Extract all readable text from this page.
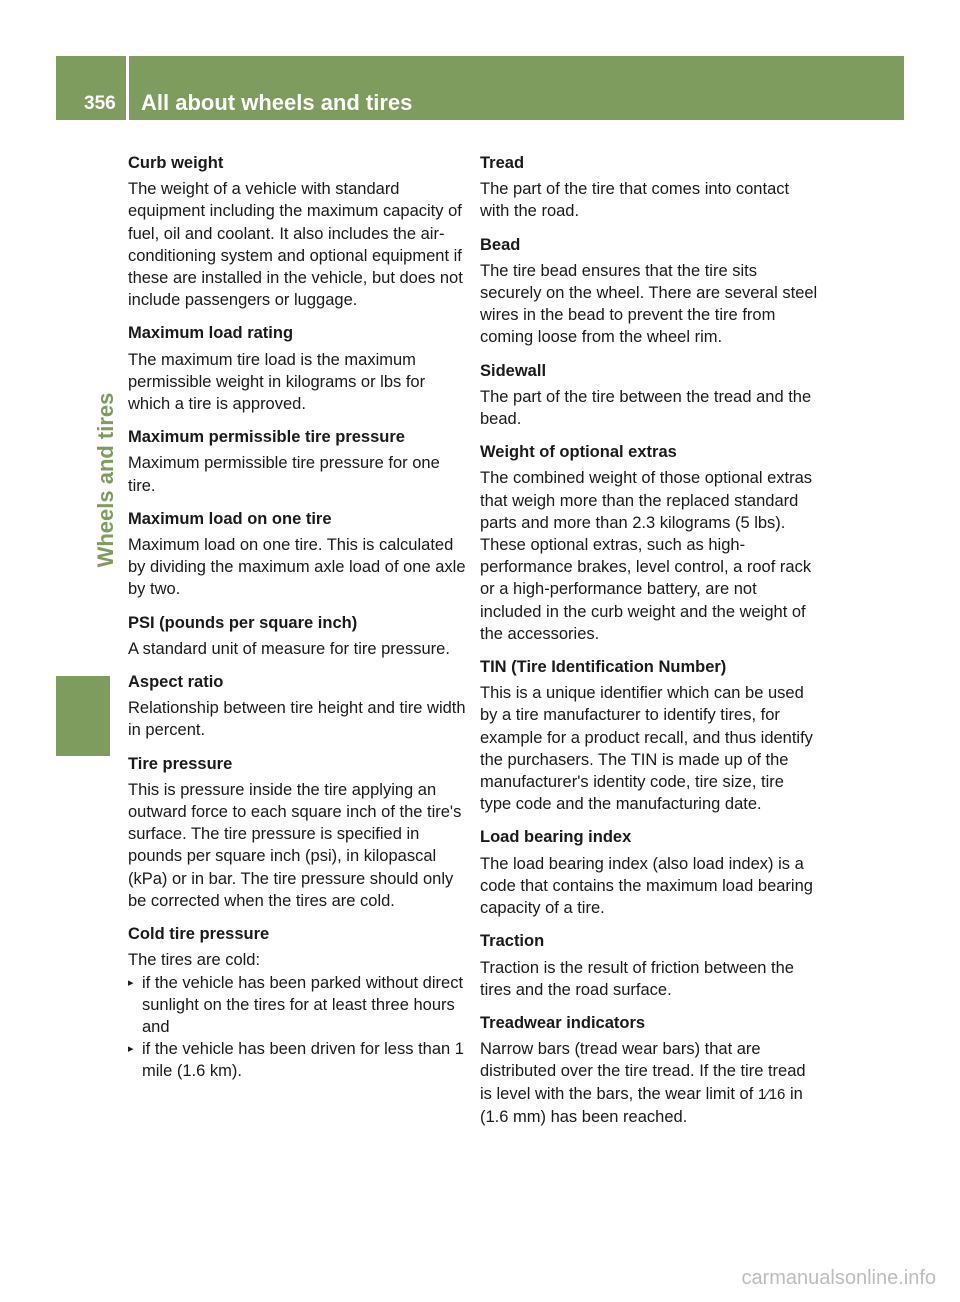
356 All about wheels and tires
Wheels and tires
Curb weight

The weight of a vehicle with standard equipment including the maximum capacity of fuel, oil and coolant. It also includes the air-conditioning system and optional equipment if these are installed in the vehicle, but does not include passengers or luggage.

Maximum load rating

The maximum tire load is the maximum permissible weight in kilograms or lbs for which a tire is approved.

Maximum permissible tire pressure

Maximum permissible tire pressure for one tire.

Maximum load on one tire

Maximum load on one tire. This is calculated by dividing the maximum axle load of one axle by two.

PSI (pounds per square inch)

A standard unit of measure for tire pressure.

Aspect ratio

Relationship between tire height and tire width in percent.

Tire pressure

This is pressure inside the tire applying an outward force to each square inch of the tire's surface. The tire pressure is specified in pounds per square inch (psi), in kilopascal (kPa) or in bar. The tire pressure should only be corrected when the tires are cold.

Cold tire pressure

The tires are cold:

▸ if the vehicle has been parked without direct sunlight on the tires for at least three hours and
▸ if the vehicle has been driven for less than 1 mile (1.6 km).
Tread

The part of the tire that comes into contact with the road.

Bead

The tire bead ensures that the tire sits securely on the wheel. There are several steel wires in the bead to prevent the tire from coming loose from the wheel rim.

Sidewall

The part of the tire between the tread and the bead.

Weight of optional extras

The combined weight of those optional extras that weigh more than the replaced standard parts and more than 2.3 kilograms (5 lbs). These optional extras, such as high-performance brakes, level control, a roof rack or a high-performance battery, are not included in the curb weight and the weight of the accessories.

TIN (Tire Identification Number)

This is a unique identifier which can be used by a tire manufacturer to identify tires, for example for a product recall, and thus identify the purchasers. The TIN is made up of the manufacturer's identity code, tire size, tire type code and the manufacturing date.

Load bearing index

The load bearing index (also load index) is a code that contains the maximum load bearing capacity of a tire.

Traction

Traction is the result of friction between the tires and the road surface.

Treadwear indicators

Narrow bars (tread wear bars) that are distributed over the tire tread. If the tire tread is level with the bars, the wear limit of 1⁄16 in (1.6 mm) has been reached.

carmanualsonline.info
